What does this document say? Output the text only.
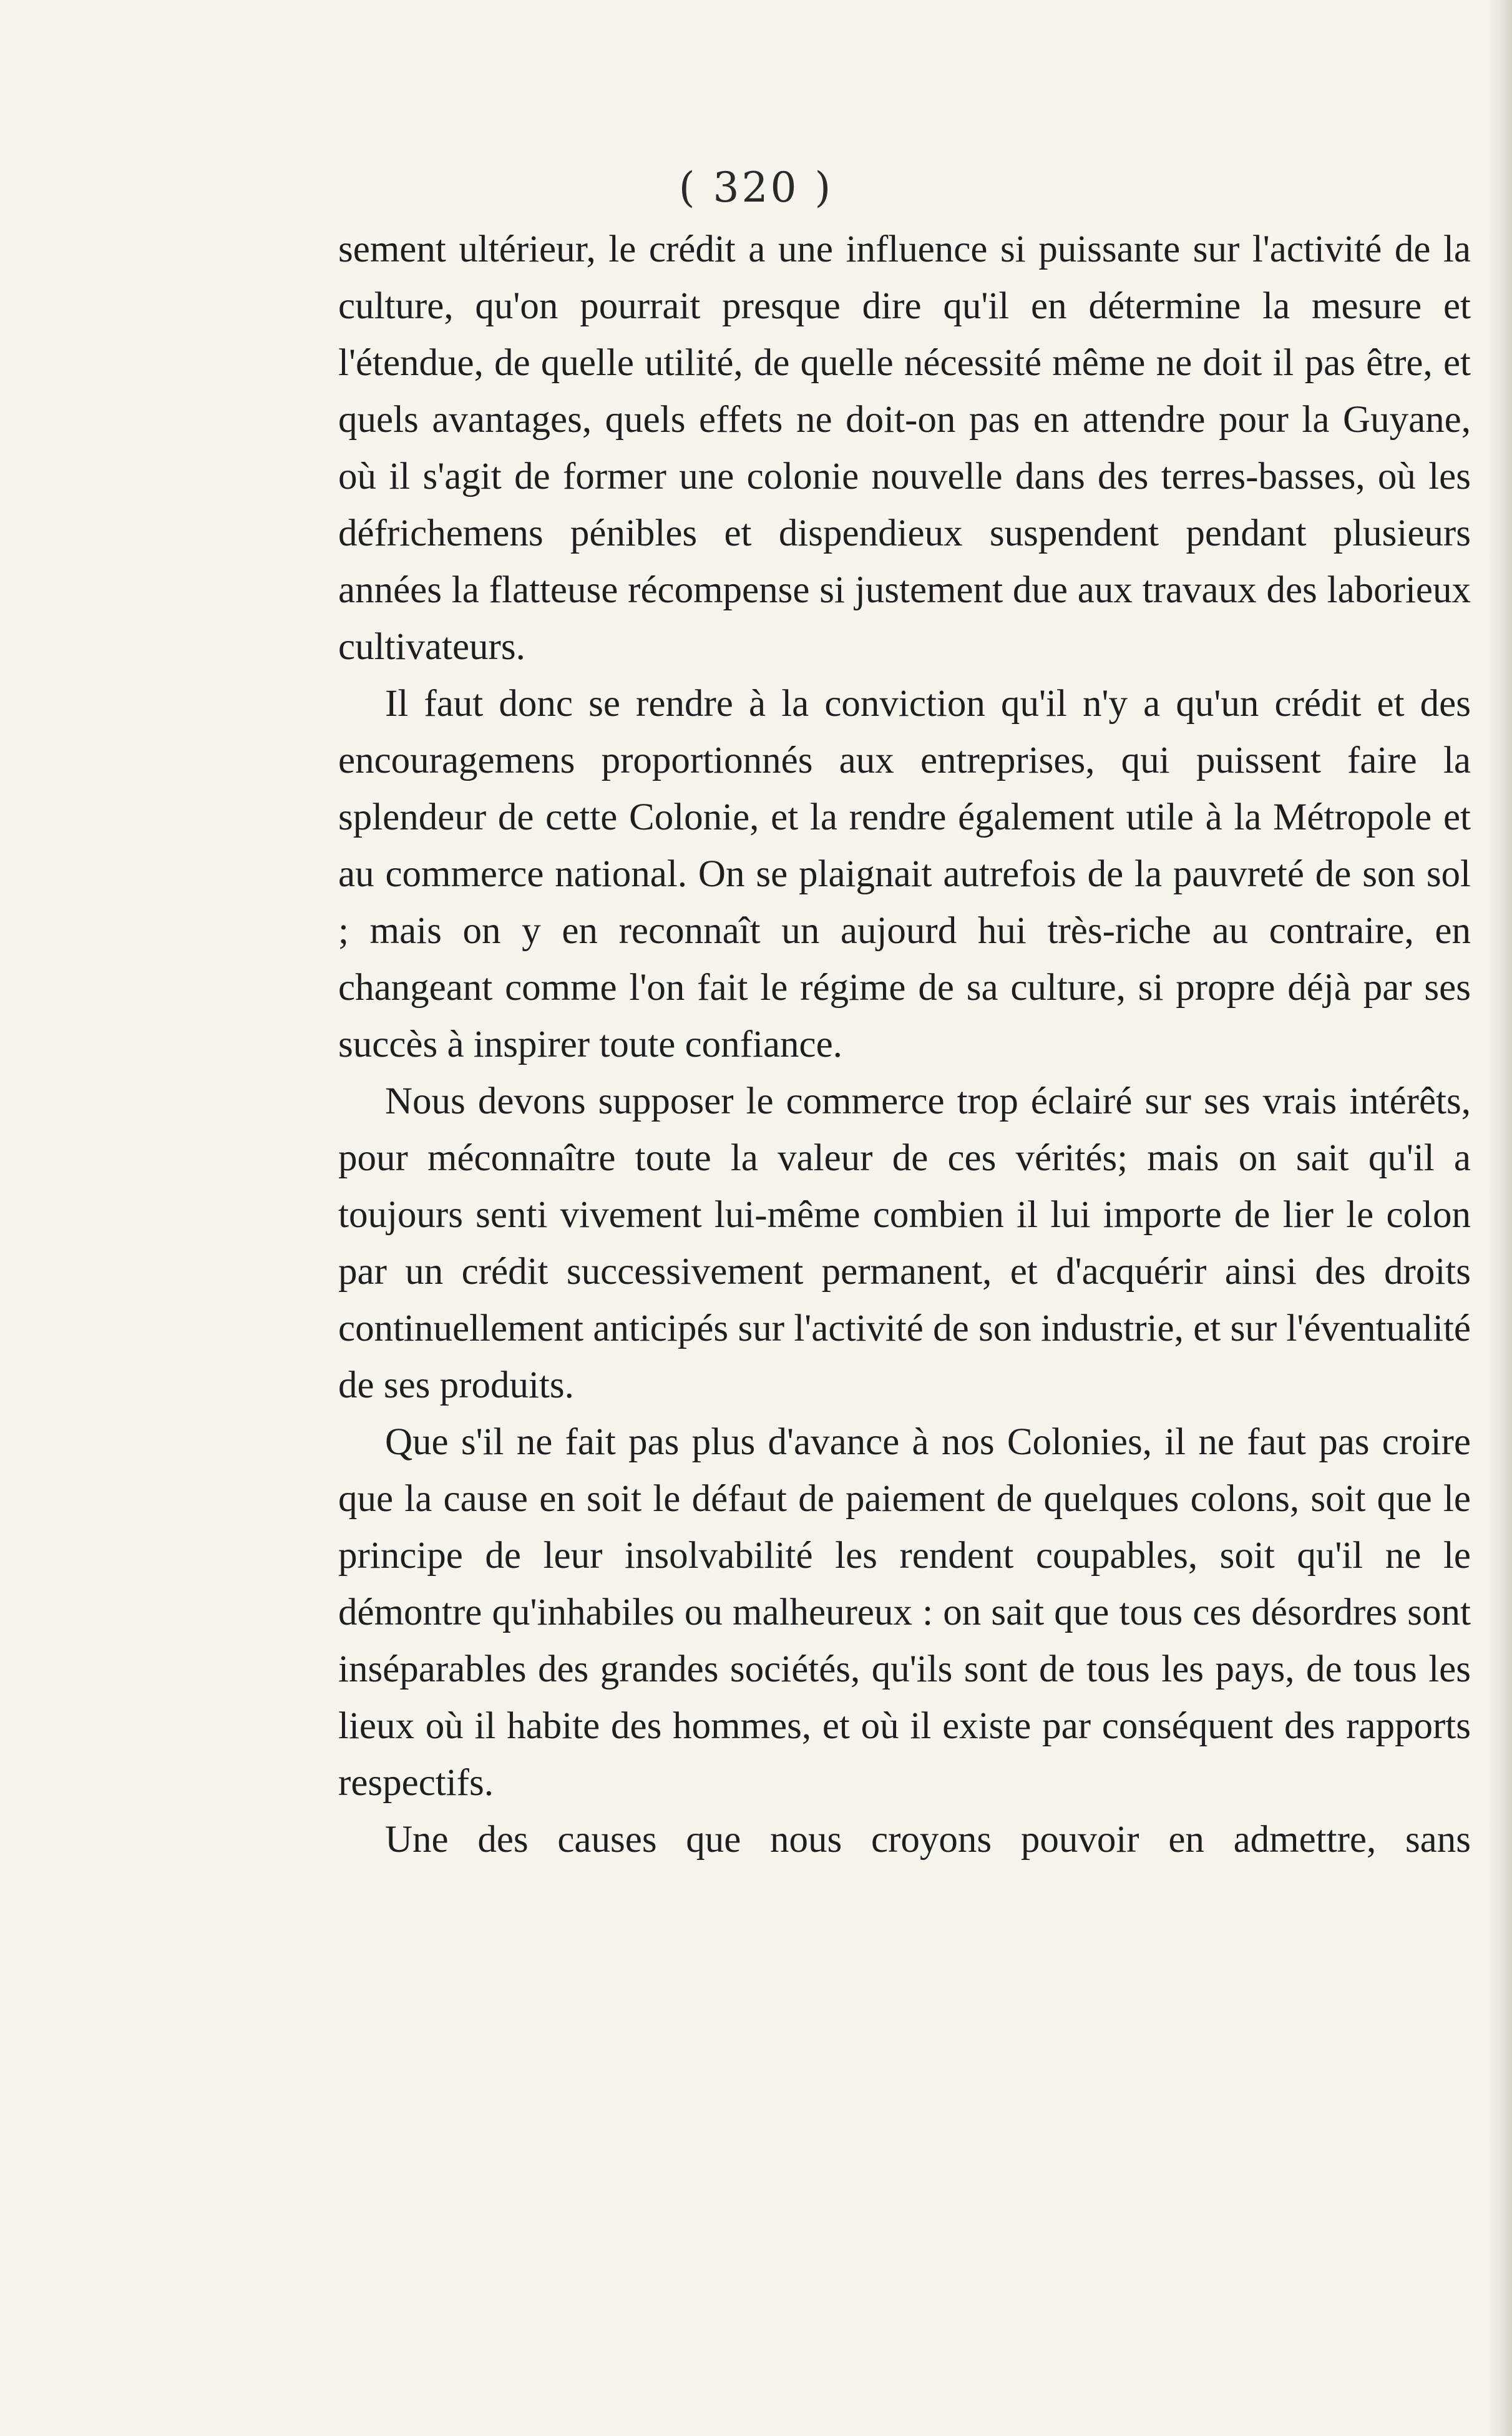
( 320 )

sement ultérieur, le crédit a une influence si puissante sur l'activité de la culture, qu'on pourrait presque dire qu'il en détermine la mesure et l'étendue, de quelle utilité, de quelle nécessité même ne doit il pas être, et quels avantages, quels effets ne doit-on pas en attendre pour la Guyane, où il s'agit de former une colonie nouvelle dans des terres-basses, où les défrichemens pénibles et dispendieux suspendent pendant plusieurs années la flatteuse récompense si justement due aux travaux des laborieux cultivateurs.

Il faut donc se rendre à la conviction qu'il n'y a qu'un crédit et des encouragemens proportionnés aux entreprises, qui puissent faire la splendeur de cette Colonie, et la rendre également utile à la Métropole et au commerce national. On se plaignait autrefois de la pauvreté de son sol ; mais on y en reconnaît un aujourd hui très-riche au contraire, en changeant comme l'on fait le régime de sa culture, si propre déjà par ses succès à inspirer toute confiance.

Nous devons supposer le commerce trop éclairé sur ses vrais intérêts, pour méconnaître toute la valeur de ces vérités; mais on sait qu'il a toujours senti vivement lui-même combien il lui importe de lier le colon par un crédit successivement permanent, et d'acquérir ainsi des droits continuellement anticipés sur l'activité de son industrie, et sur l'éventualité de ses produits.

Que s'il ne fait pas plus d'avance à nos Colonies, il ne faut pas croire que la cause en soit le défaut de paiement de quelques colons, soit que le principe de leur insolvabilité les rendent coupables, soit qu'il ne le démontre qu'inhabiles ou malheureux : on sait que tous ces désordres sont inséparables des grandes sociétés, qu'ils sont de tous les pays, de tous les lieux où il habite des hommes, et où il existe par conséquent des rapports respectifs.

Une des causes que nous croyons pouvoir en admettre, sans
